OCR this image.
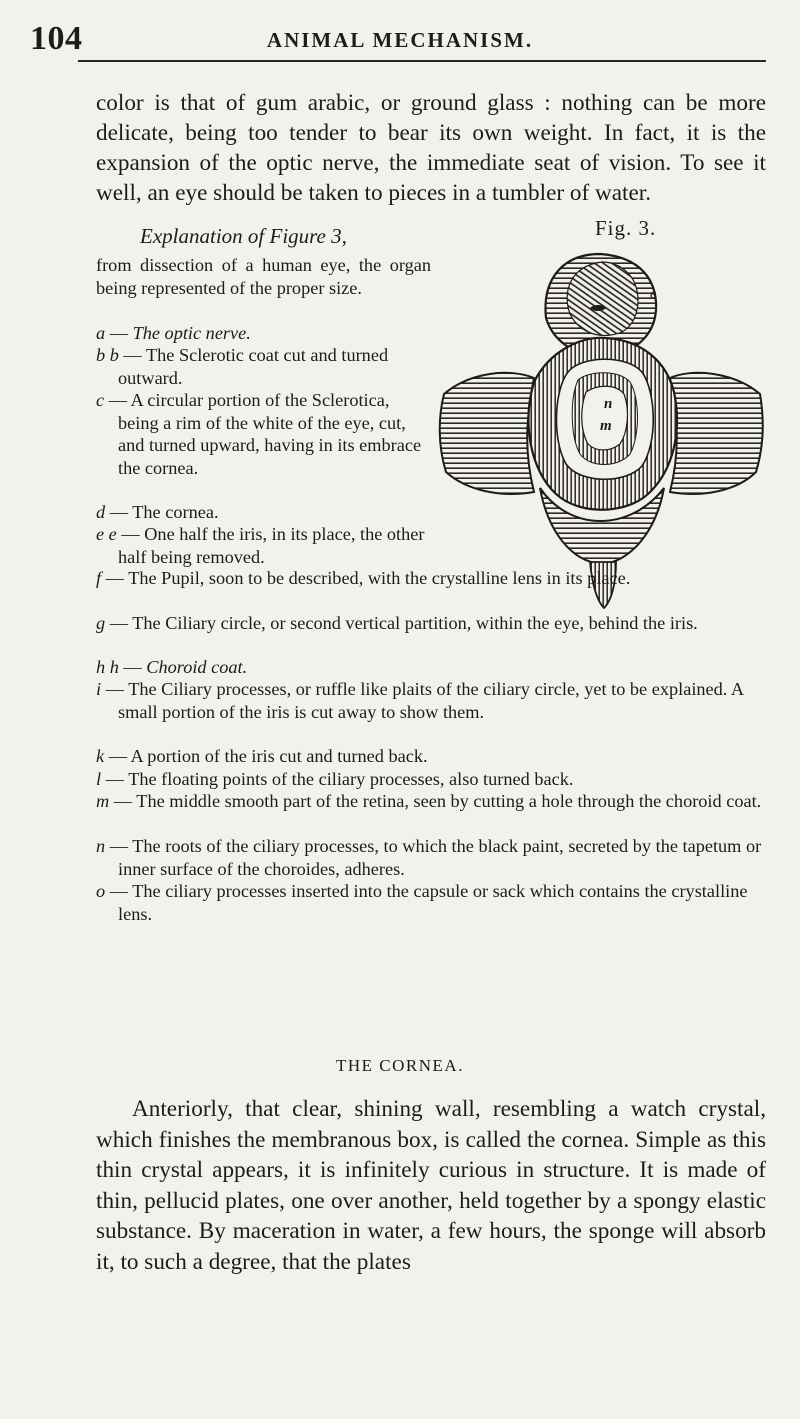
104	ANIMAL MECHANISM.

color is that of gum arabic, or ground glass : nothing can be more delicate, being too tender to bear its own weight. In fact, it is the expansion of the optic nerve, the immediate seat of vision. To see it well, an eye should be taken to pieces in a tumbler of water.

Explanation of Figure 3,	Fig. 3.
from dissection of a human eye, the organ being represented of the proper size.	e
n
m
a — The optic nerve.
b b — The Sclerotic coat cut and turned outward.
c — A circular portion of the Sclerotica, being a rim of the white of the eye, cut, and turned upward, having in its embrace the cornea.
d — The cornea.
e e — One half the iris, in its place, the other half being removed.
f — The Pupil, soon to be described, with the crystalline lens in its place.
g — The Ciliary circle, or second vertical partition, within the eye, behind the iris.
h h — Choroid coat.
i — The Ciliary processes, or ruffle like plaits of the ciliary circle, yet to be explained. A small portion of the iris is cut away to show them.
k — A portion of the iris cut and turned back.
l — The floating points of the ciliary processes, also turned back.
m — The middle smooth part of the retina, seen by cutting a hole through the choroid coat.
n — The roots of the ciliary processes, to which the black paint, secreted by the tapetum or inner surface of the choroides, adheres.
o — The ciliary processes inserted into the capsule or sack which contains the crystalline lens.
THE CORNEA.

Anteriorly, that clear, shining wall, resembling a watch crystal, which finishes the membranous box, is called the cornea. Simple as this thin crystal appears, it is infinitely curious in structure. It is made of thin, pellucid plates, one over another, held together by a spongy elastic substance. By maceration in water, a few hours, the sponge will absorb it, to such a degree, that the plates
